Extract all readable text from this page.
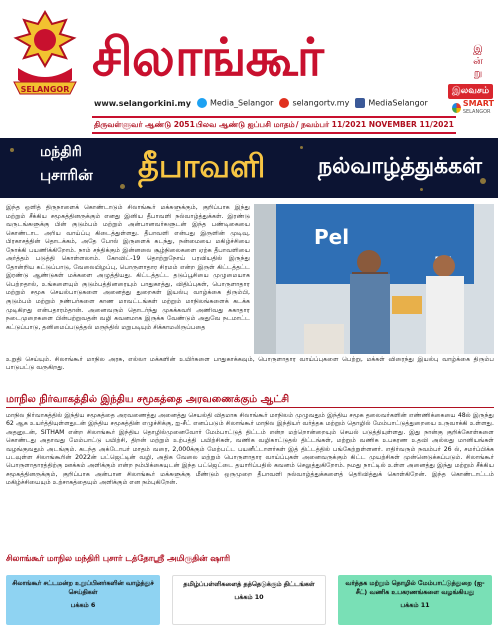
SELANGOR
சிலாங்கூர்	இ
ன்
று
இலவசம்
SMART
SELANGOR
www.selangorkini.my	Media_Selangor	selangortv.my	MediaSelangor
திருவள்ளுவர் ஆண்டு 2051 பிலவ ஆண்டு ஐப்பசி மாதம் / நவம்பர் 11/2021 NOVEMBER 11/2021
மந்திரி
புசாரின் தீபாவளி நல்வாழ்த்துக்கள்
இந்த ஒளித் திருநாளைக் கொண்டாடும் சிலாங்கூர் மக்களுக்கும், குறிப்பாக இந்து மற்றும் சீக்கிய சமூகத்தினருக்கும் எனது இனிய தீபாவளி நல்வாழ்த்துக்கள். இரண்டு வருடங்களுக்கு பின் குடும்பம் மற்றும் அன்பானவர்களுடன் இந்த பண்டிகையை கொண்டாட அரிய வாய்ப்பு கிடைத்துள்ளது. தீபாவளி என்பது இருளின் முடிவு, பிரகாசத்தின் தொடக்கம், அதே போல் இருளைக் கடந்து, நன்மையை மகிழ்ச்சியை நோக்கி பயணிக்கிறோம். நாம் சந்திக்கும் இன்னலை சூழ்நிலைகளை ஏற்க தீபாவளியை அர்த்தம் படுத்தி கொள்ளலாம். கோவிட்-19 தொற்றுநோய் பரவியதில் இருந்து தோன்றிய கட்டுப்பாடு, வேலையிழப்பு, பொருளாதார சிரமம் என்ற இருள் கிட்டத்தட்ட இரண்டு ஆண்டுகள் மக்களை அழுத்தியது. கிட்டத்தட்ட தடுப்பூசியை முழுமையாக பெற்றதால், உங்களையும் குடும்பத்தினரையும் பாதுகாத்து, விதிப்புகள், பொருளாதார மற்றும் சமூக செயல்பாடுகளை அனைத்து துறைகள் இயல்பு வாழ்க்கை திரும்பி, குடும்பம் மற்றும் நண்பர்களை காண மாவட்டங்கள் மற்றும் மாநிலங்களைக் கடக்க முடிகிறது என்பதாரம்தான். அனைவரும் தொடர்ந்து முகக்கவரி அணிவது சுகாதார நடைமுறைகளை பின்பற்றுவதன் வழி கவனமாக இருக்க வேண்டும் அதுவே நடமாட்ட கட்டுப்பாடு, தனிமைப்படுத்தல் மருந்தில் மறுபடியும் சிக்காமலிருப்பதை
Pel
உறுதி செய்யும். சிலாங்கூர் மாநில அரசு, எல்லா மக்களின் உயிர்களை பாதுகாக்கவும், பொருளாதார வாய்ப்புகளை பெற்று, மக்கள் விரைந்து இயல்பு வாழ்க்கை திரும்ப பாடுபட்டு வருகிறது.
மாநில நிர்வாகத்தில் இந்திய சமூகத்தை அரவணைக்கும் ஆட்சி
மாநில நிர்வாகத்தில் இந்திய சமூகத்தை அரவணைத்து அனைத்து செயல்தி விதமாக சிலாங்கூர் மாநிலம் முழுவதும் இந்திய சமூக தலைவர்களின் எண்ணிக்கையை 48ல் இருந்து 62 ஆக உயர்த்தியுள்ளதுடன் இந்திய சமூகத்தின் எழுச்சிக்கு, ஐ-சீட் எனப்படும் சிலாங்கூர் மாநில இந்தியர் வர்த்தக மற்றும் தொழில் மேம்பாட்டுத்துறையை உருவாக்கி உள்ளது. அதனுடன், SITHAM என்ற சிலாங்கூர் இந்திய தொழில்முனைவோர் மேம்பாட்டுத் திட்டம் என்ற மற்றொன்றையும் செயல் படுத்தியுள்ளது. இது நான்கு குறிக்கோள்களை கொண்டது அதாவது மேம்பாட்டு பயிற்சி, திறன் மற்றும் உற்பத்தி பயிற்சிகள், வணிக வழிகாட்டுதல் திட்டங்கள், மற்றும் வணிக உபகரண உதவி அல்லது மானியங்கள் வழங்குவதும் அடங்கும். கடந்த அக்டோபர் மாதம் வரை, 2,000க்கும் மேற்பட்ட பயனீட்டாளர்கள் இத் திட்டத்தில் பங்கேற்றுள்ளனர். எதிர்வரும் நவம்பர் 26 ல், சமர்ப்பிக்க படவுள்ள சிலாங்கூரின் 2022ன் பட்ஜெட்டின் வழி, அதிக வேலை மற்றும் பொருளாதார வாய்ப்புகள் அனைவருக்கும் கிட்ட முயற்சிகள் முன்னெடுக்கப்படும். சிலாங்கூர் பொருளாதாரத்திற்கு ஊக்கம் அளிக்கும் என்ற நம்பிக்கையுடன் இந்த பட்ஜெட்டை தயாரிப்பதில் கவனம் செலுத்துகிறோம். நமது நாட்டில் உள்ள அனைத்து இந்து மற்றும் சீக்கிய சமூகத்தினருக்கும், குறிப்பாக அன்பான சிலாங்கூர் மக்களுக்கு மீண்டும் ஒருமுறை தீபாவளி நல்வாழ்த்துக்களைத் தெரிவித்துக் கொள்கிறேன். இந்த கொண்டாட்டம் மகிழ்ச்சியையும் உற்சாகத்தையும் அளிக்கும் என நம்புகிறேன்.
சிலாங்கூர் மாநில மந்திரி புசார் டத்தோஸ்ரீ அமிருதின் ஷாரி
சிலாங்கூர் சட்டமன்ற உறுப்பினர்களின் வாழ்த்துச் செய்திகள்
பக்கம் 6
தமிழ்ப்பள்ளிகளைத் தத்தெடுக்கும் திட்டங்கள்
பக்கம் 10
வர்த்தக மற்றும் தொழில் மேம்பாட்டுத்துறை (ஐ-சீட்) வணிக உபகரணங்களை வழங்கியது
பக்கம் 11
